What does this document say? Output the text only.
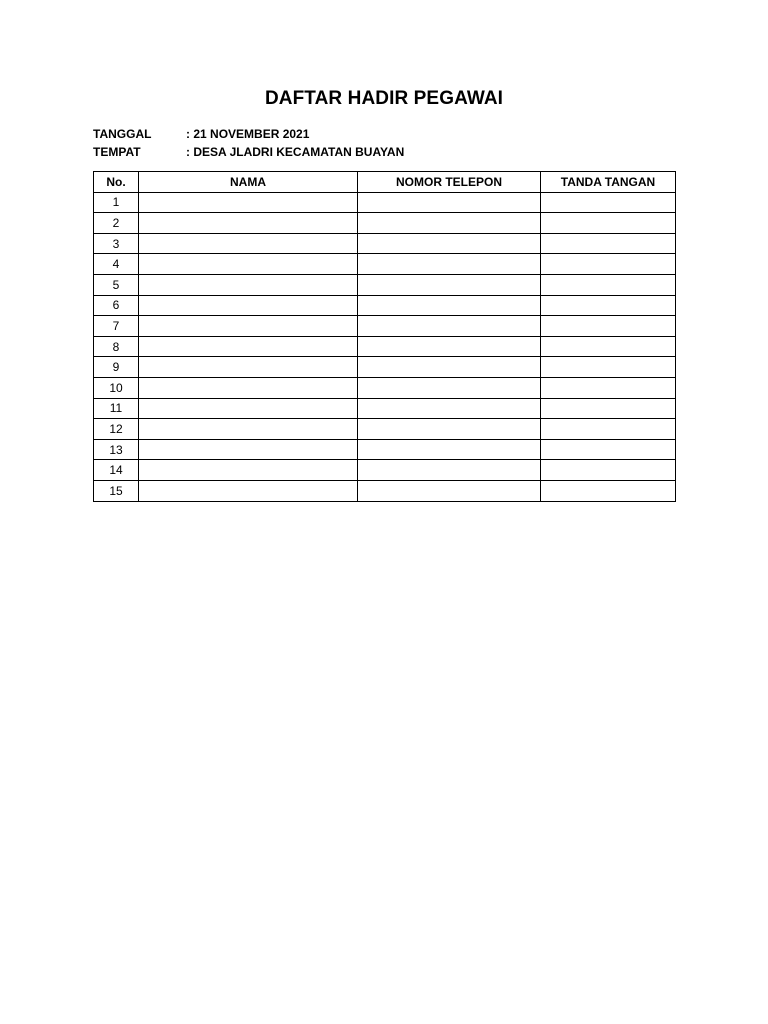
DAFTAR HADIR PEGAWAI
TANGGAL	: 21 NOVEMBER 2021
TEMPAT	: DESA JLADRI KECAMATAN BUAYAN
No.	NAMA	NOMOR TELEPON	TANDA TANGAN
1			
2			
3			
4			
5			
6			
7			
8			
9			
10			
11			
12			
13			
14			
15			
